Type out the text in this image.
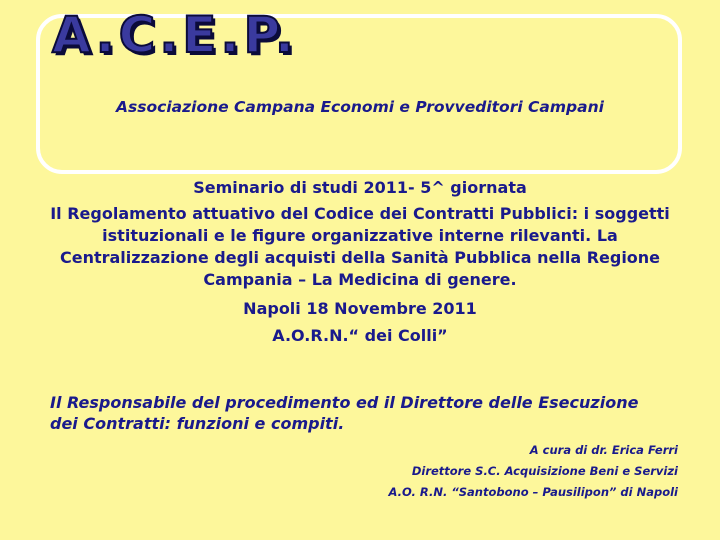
A.C.E.P.
Associazione Campana Economi e Provveditori Campani

Seminario di studi 2011- 5^ giornata

Il Regolamento attuativo del Codice dei Contratti Pubblici: i soggetti istituzionali e le figure organizzative interne rilevanti. La Centralizzazione degli acquisti della Sanità Pubblica nella Regione Campania – La Medicina di genere.

Napoli 18 Novembre 2011

A.O.R.N.“ dei Colli”

Il Responsabile del procedimento ed il Direttore delle Esecuzione dei Contratti: funzioni e compiti.
A cura di dr. Erica Ferri
Direttore S.C. Acquisizione Beni e Servizi
A.O. R.N. “Santobono – Pausilipon” di Napoli
